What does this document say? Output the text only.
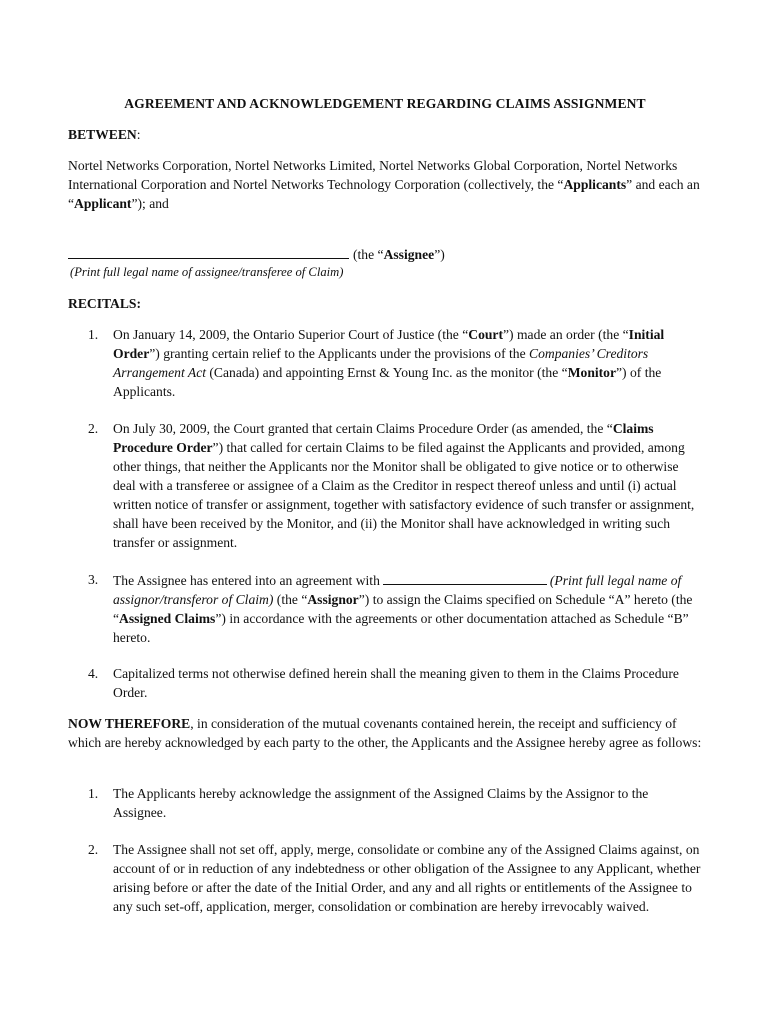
AGREEMENT AND ACKNOWLEDGEMENT REGARDING CLAIMS ASSIGNMENT
BETWEEN:
Nortel Networks Corporation, Nortel Networks Limited, Nortel Networks Global Corporation, Nortel Networks International Corporation and Nortel Networks Technology Corporation (collectively, the “Applicants” and each an “Applicant”); and
(the “Assignee”)
(Print full legal name of assignee/transferee of Claim)
RECITALS:
1. On January 14, 2009, the Ontario Superior Court of Justice (the “Court”) made an order (the “Initial Order”) granting certain relief to the Applicants under the provisions of the Companies’ Creditors Arrangement Act (Canada) and appointing Ernst & Young Inc. as the monitor (the “Monitor”) of the Applicants.
2. On July 30, 2009, the Court granted that certain Claims Procedure Order (as amended, the “Claims Procedure Order”) that called for certain Claims to be filed against the Applicants and provided, among other things, that neither the Applicants nor the Monitor shall be obligated to give notice or to otherwise deal with a transferee or assignee of a Claim as the Creditor in respect thereof unless and until (i) actual written notice of transfer or assignment, together with satisfactory evidence of such transfer or assignment, shall have been received by the Monitor, and (ii) the Monitor shall have acknowledged in writing such transfer or assignment.
3. The Assignee has entered into an agreement with	(Print full legal name of assignor/transferor of Claim) (the “Assignor”) to assign the Claims specified on Schedule “A” hereto (the “Assigned Claims”) in accordance with the agreements or other documentation attached as Schedule “B” hereto.
4. Capitalized terms not otherwise defined herein shall the meaning given to them in the Claims Procedure Order.
NOW THEREFORE, in consideration of the mutual covenants contained herein, the receipt and sufficiency of which are hereby acknowledged by each party to the other, the Applicants and the Assignee hereby agree as follows:
1. The Applicants hereby acknowledge the assignment of the Assigned Claims by the Assignor to the Assignee.
2. The Assignee shall not set off, apply, merge, consolidate or combine any of the Assigned Claims against, on account of or in reduction of any indebtedness or other obligation of the Assignee to any Applicant, whether arising before or after the date of the Initial Order, and any and all rights or entitlements of the Assignee to any such set-off, application, merger, consolidation or combination are hereby irrevocably waived.
